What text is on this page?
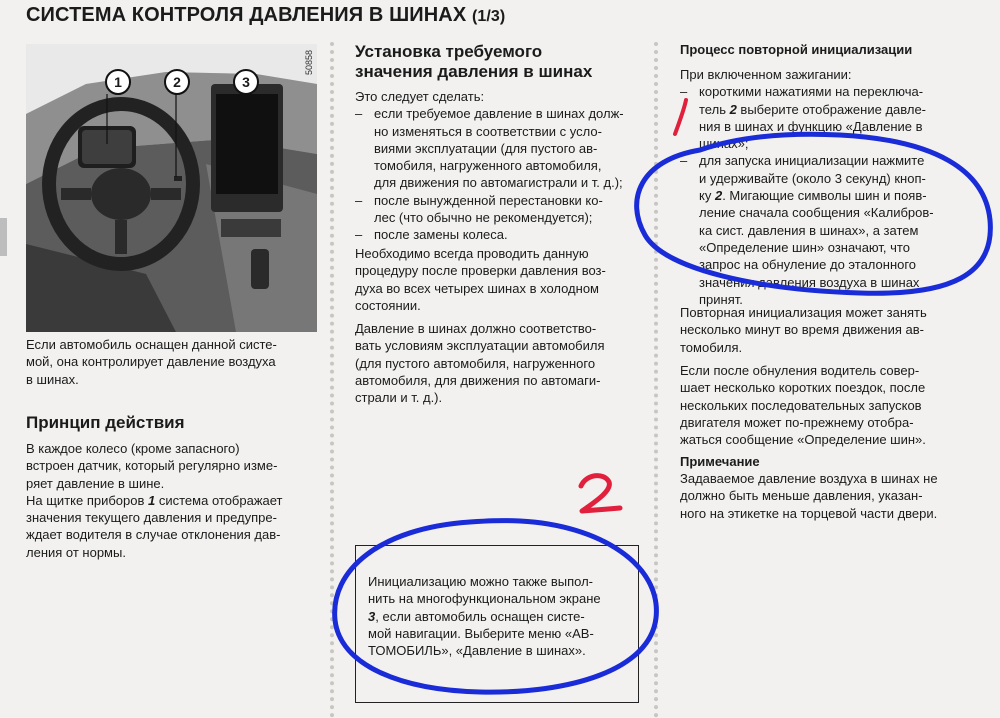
СИСТЕМА КОНТРОЛЯ ДАВЛЕНИЯ В ШИНАХ (1/3)
1	2	3
50858

Если автомобиль оснащен данной систе-

мой, она контролирует давление воздуха

в шинах.

Принцип действия

В каждое колесо (кроме запасного)

встроен датчик, который регулярно изме-

ряет давление в шине.

На щитке приборов 1 система отображает

значения текущего давления и предупре-

ждает водителя в случае отклонения дав-

ления от нормы.

Установка требуемого
значения давления в шинах

Это следует сделать:

– если требуемое давление в шинах долж-
но изменяться в соответствии с усло-
виями эксплуатации (для пустого ав-
томобиля, нагруженного автомобиля,
для движения по автомагистрали и т. д.);
– после вынужденной перестановки ко-
лес (что обычно не рекомендуется);
– после замены колеса.

Необходимо всегда проводить данную

процедуру после проверки давления воз-

духа во всех четырех шинах в холодном

состоянии.

Давление в шинах должно соответство-

вать условиям эксплуатации автомобиля

(для пустого автомобиля, нагруженного

автомобиля, для движения по автомаги-

страли и т. д.).

Инициализацию можно также выпол-

нить на многофункциональном экране

3, если автомобиль оснащен систе-

мой навигации. Выберите меню «АВ-

ТОМОБИЛЬ», «Давление в шинах».

Процесс повторной инициализации

При включенном зажигании:

– короткими нажатиями на переключа-
тель 2 выберите отображение давле-
ния в шинах и функцию «Давление в
шинах»;
– для запуска инициализации нажмите
и удерживайте (около 3 секунд) кноп-
ку 2. Мигающие символы шин и появ-
ление сначала сообщения «Калибров-
ка сист. давления в шинах», а затем
«Определение шин» означают, что
запрос на обнуление до эталонного
значения давления воздуха в шинах
принят.

Повторная инициализация может занять

несколько минут во время движения ав-

томобиля.

Если после обнуления водитель совер-

шает несколько коротких поездок, после

нескольких последовательных запусков

двигателя может по-прежнему отобра-

жаться сообщение «Определение шин».

Примечание

Задаваемое давление воздуха в шинах не

должно быть меньше давления, указан-

ного на этикетке на торцевой части двери.
